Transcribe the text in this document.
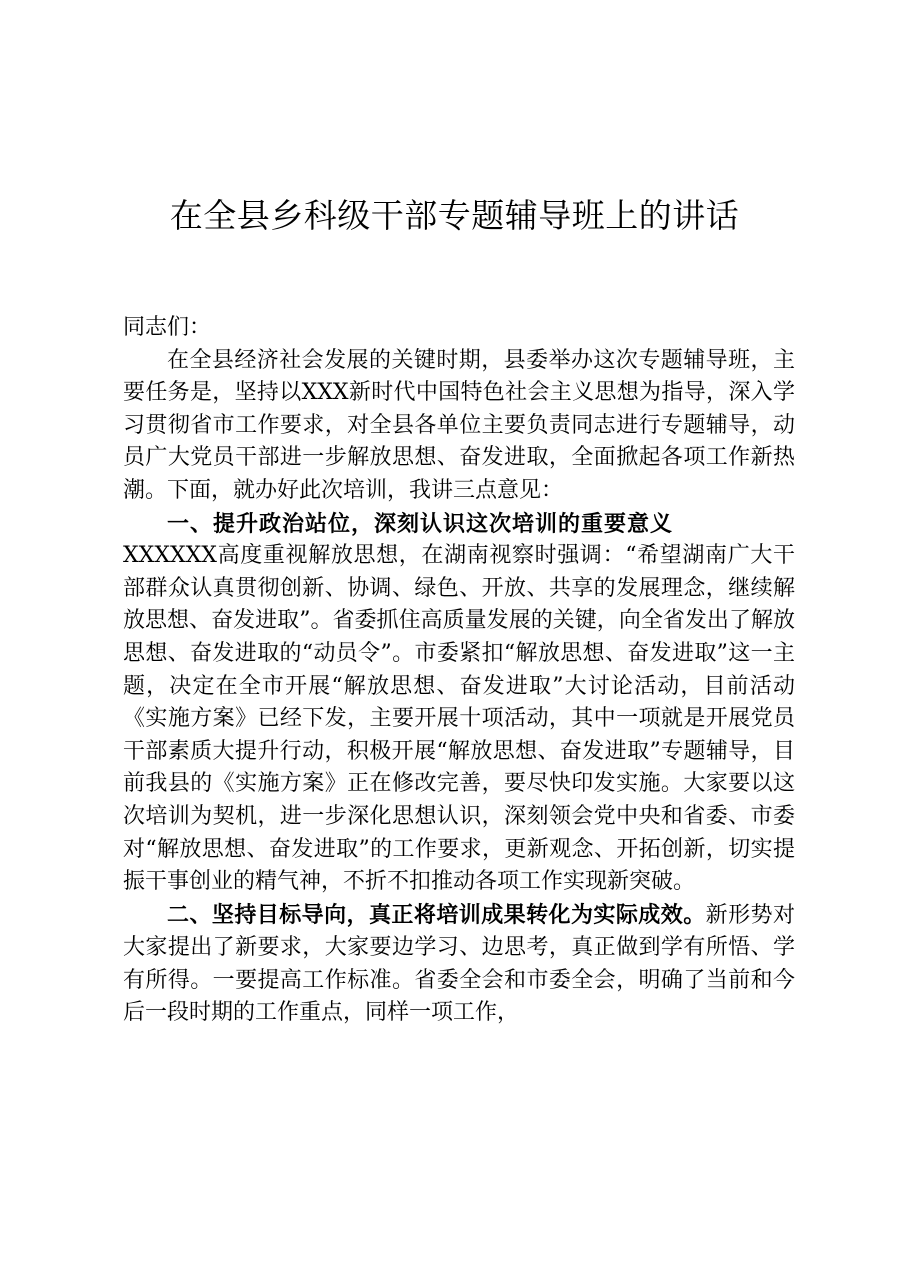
在全县乡科级干部专题辅导班上的讲话

同志们：

在全县经济社会发展的关键时期，县委举办这次专题辅导班，主要任务是，坚持以XXX新时代中国特色社会主义思想为指导，深入学习贯彻省市工作要求，对全县各单位主要负责同志进行专题辅导，动员广大党员干部进一步解放思想、奋发进取，全面掀起各项工作新热潮。下面，就办好此次培训，我讲三点意见：

一、提升政治站位，深刻认识这次培训的重要意义

XXXXXX高度重视解放思想，在湖南视察时强调：“希望湖南广大干部群众认真贯彻创新、协调、绿色、开放、共享的发展理念，继续解放思想、奋发进取”。省委抓住高质量发展的关键，向全省发出了解放思想、奋发进取的“动员令”。市委紧扣“解放思想、奋发进取”这一主题，决定在全市开展“解放思想、奋发进取”大讨论活动，目前活动《实施方案》已经下发，主要开展十项活动，其中一项就是开展党员干部素质大提升行动，积极开展“解放思想、奋发进取”专题辅导，目前我县的《实施方案》正在修改完善，要尽快印发实施。大家要以这次培训为契机，进一步深化思想认识，深刻领会党中央和省委、市委对“解放思想、奋发进取”的工作要求，更新观念、开拓创新，切实提振干事创业的精气神，不折不扣推动各项工作实现新突破。

二、坚持目标导向，真正将培训成果转化为实际成效。新形势对大家提出了新要求，大家要边学习、边思考，真正做到学有所悟、学有所得。一要提高工作标准。省委全会和市委全会，明确了当前和今后一段时期的工作重点，同样一项工作，
